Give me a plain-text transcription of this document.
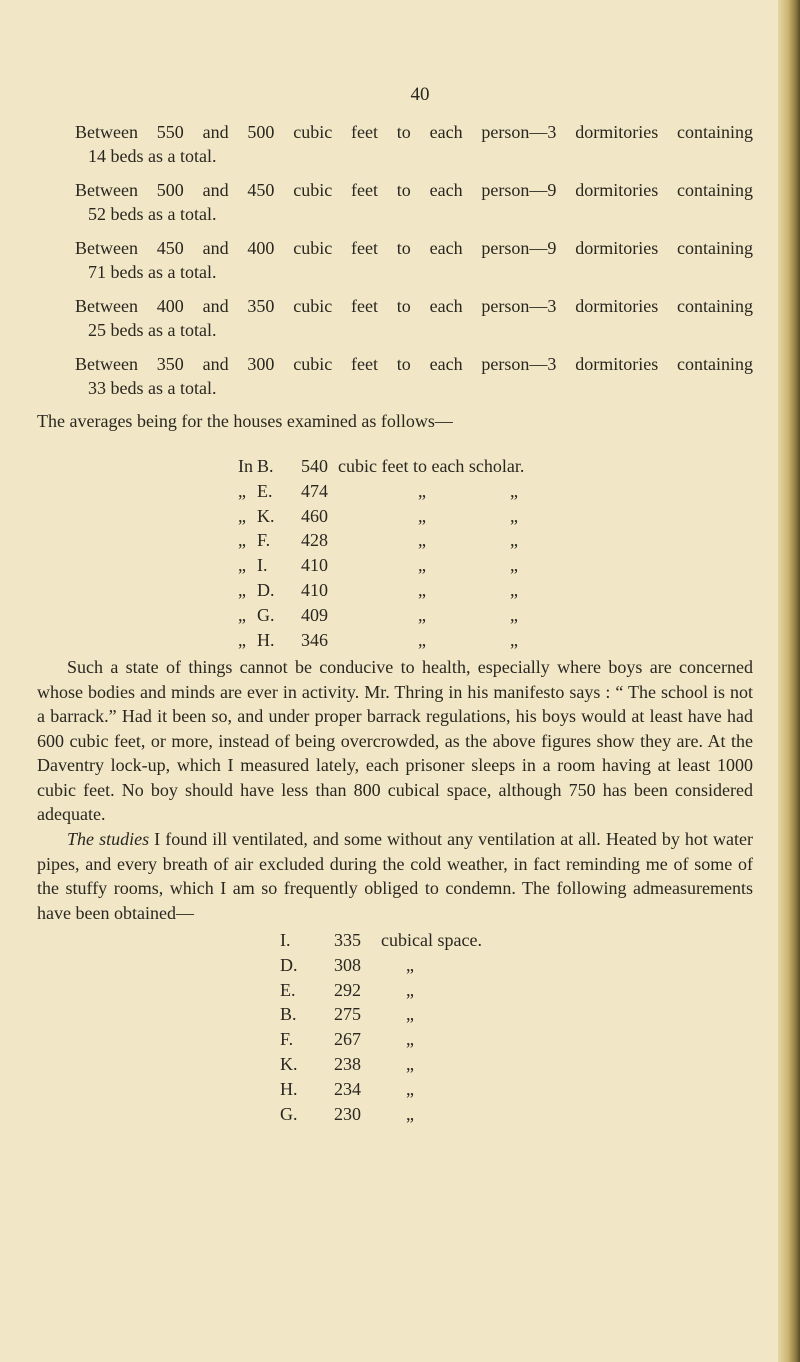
40
Between 550 and 500 cubic feet to each person—3 dormitories containing
14 beds as a total.
Between 500 and 450 cubic feet to each person—9 dormitories containing
52 beds as a total.
Between 450 and 400 cubic feet to each person—9 dormitories containing
71 beds as a total.
Between 400 and 350 cubic feet to each person—3 dormitories containing
25 beds as a total.
Between 350 and 300 cubic feet to each person—3 dormitories containing
33 beds as a total.

The averages being for the houses examined as follows—

In B. 540 cubic feet to each scholar.
„ E. 474	„	„
„ K. 460	„	„
„ F. 428	„	„
„ I. 410	„	„
„ D. 410	„	„
„ G. 409	„	„
„ H. 346	„	„

Such a state of things cannot be conducive to health, especially where boys are concerned whose bodies and minds are ever in activity. Mr. Thring in his manifesto says : “ The school is not a barrack.” Had it been so, and under proper barrack regulations, his boys would at least have had 600 cubic feet, or more, instead of being overcrowded, as the above figures show they are. At the Daventry lock-up, which I measured lately, each prisoner sleeps in a room having at least 1000 cubic feet. No boy should have less than 800 cubical space, although 750 has been considered adequate.

The studies I found ill ventilated, and some without any ventilation at all. Heated by hot water pipes, and every breath of air excluded during the cold weather, in fact reminding me of some of the stuffy rooms, which I am so frequently obliged to condemn. The following admeasurements have been obtained—

I. 335 cubical space.
D. 308	„
E. 292	„
B. 275	„
F. 267	„
K. 238	„
H. 234	„
G. 230	„
